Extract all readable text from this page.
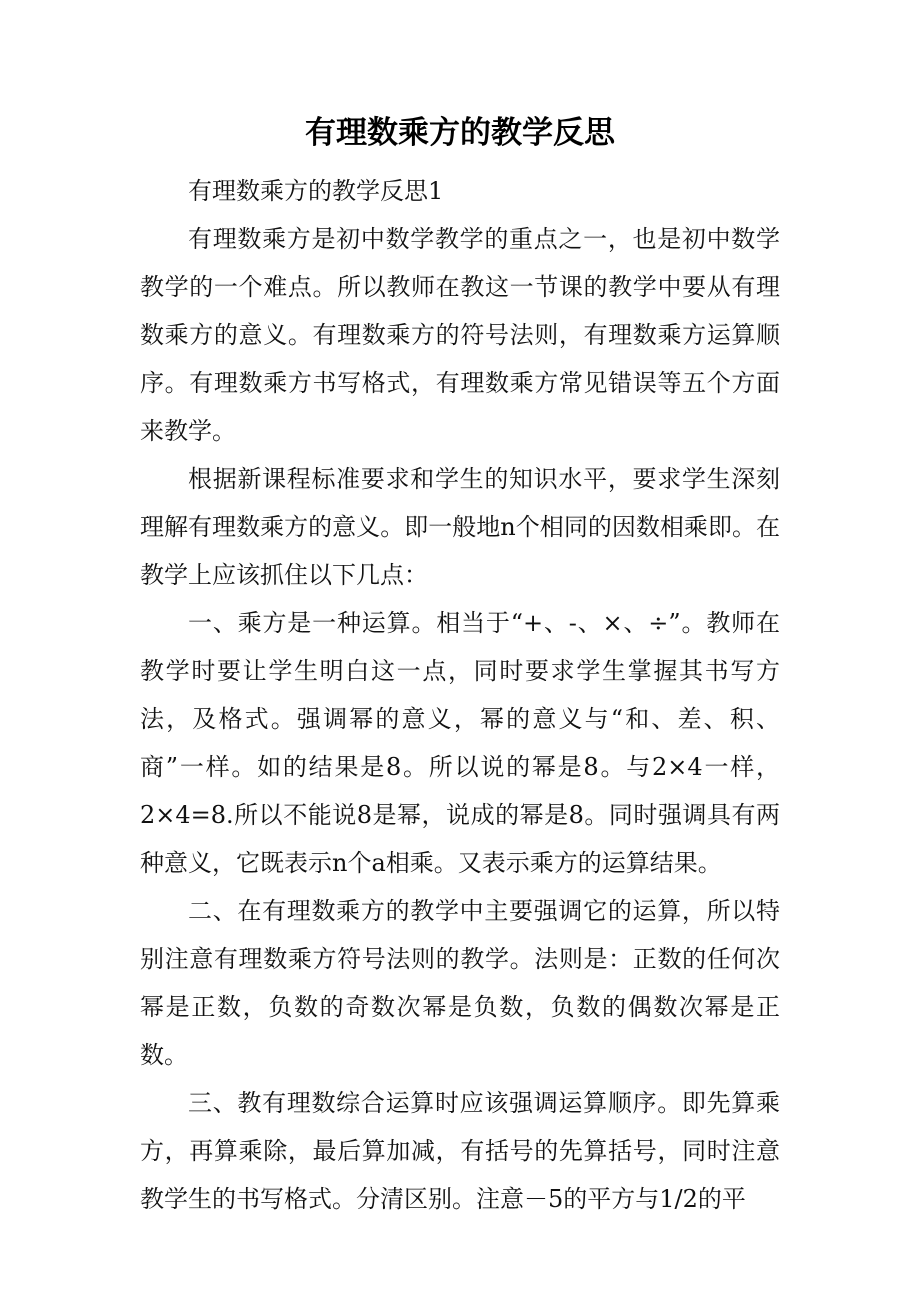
有理数乘方的教学反思

有理数乘方的教学反思1

有理数乘方是初中数学教学的重点之一，也是初中数学教学的一个难点。所以教师在教这一节课的教学中要从有理数乘方的意义。有理数乘方的符号法则，有理数乘方运算顺序。有理数乘方书写格式，有理数乘方常见错误等五个方面来教学。

根据新课程标准要求和学生的知识水平，要求学生深刻理解有理数乘方的意义。即一般地n个相同的因数相乘即。在教学上应该抓住以下几点：

一、乘方是一种运算。相当于“+、-、×、÷”。教师在教学时要让学生明白这一点，同时要求学生掌握其书写方法，及格式。强调幂的意义，幂的意义与“和、差、积、商”一样。如的结果是8。所以说的幂是8。与2×4一样，2×4=8.所以不能说8是幂，说成的幂是8。同时强调具有两种意义，它既表示n个a相乘。又表示乘方的运算结果。

二、在有理数乘方的教学中主要强调它的运算，所以特别注意有理数乘方符号法则的教学。法则是：正数的任何次幂是正数，负数的奇数次幂是负数，负数的偶数次幂是正数。

三、教有理数综合运算时应该强调运算顺序。即先算乘方，再算乘除，最后算加减，有括号的先算括号，同时注意教学生的书写格式。分清区别。注意－5的平方与1/2的平
